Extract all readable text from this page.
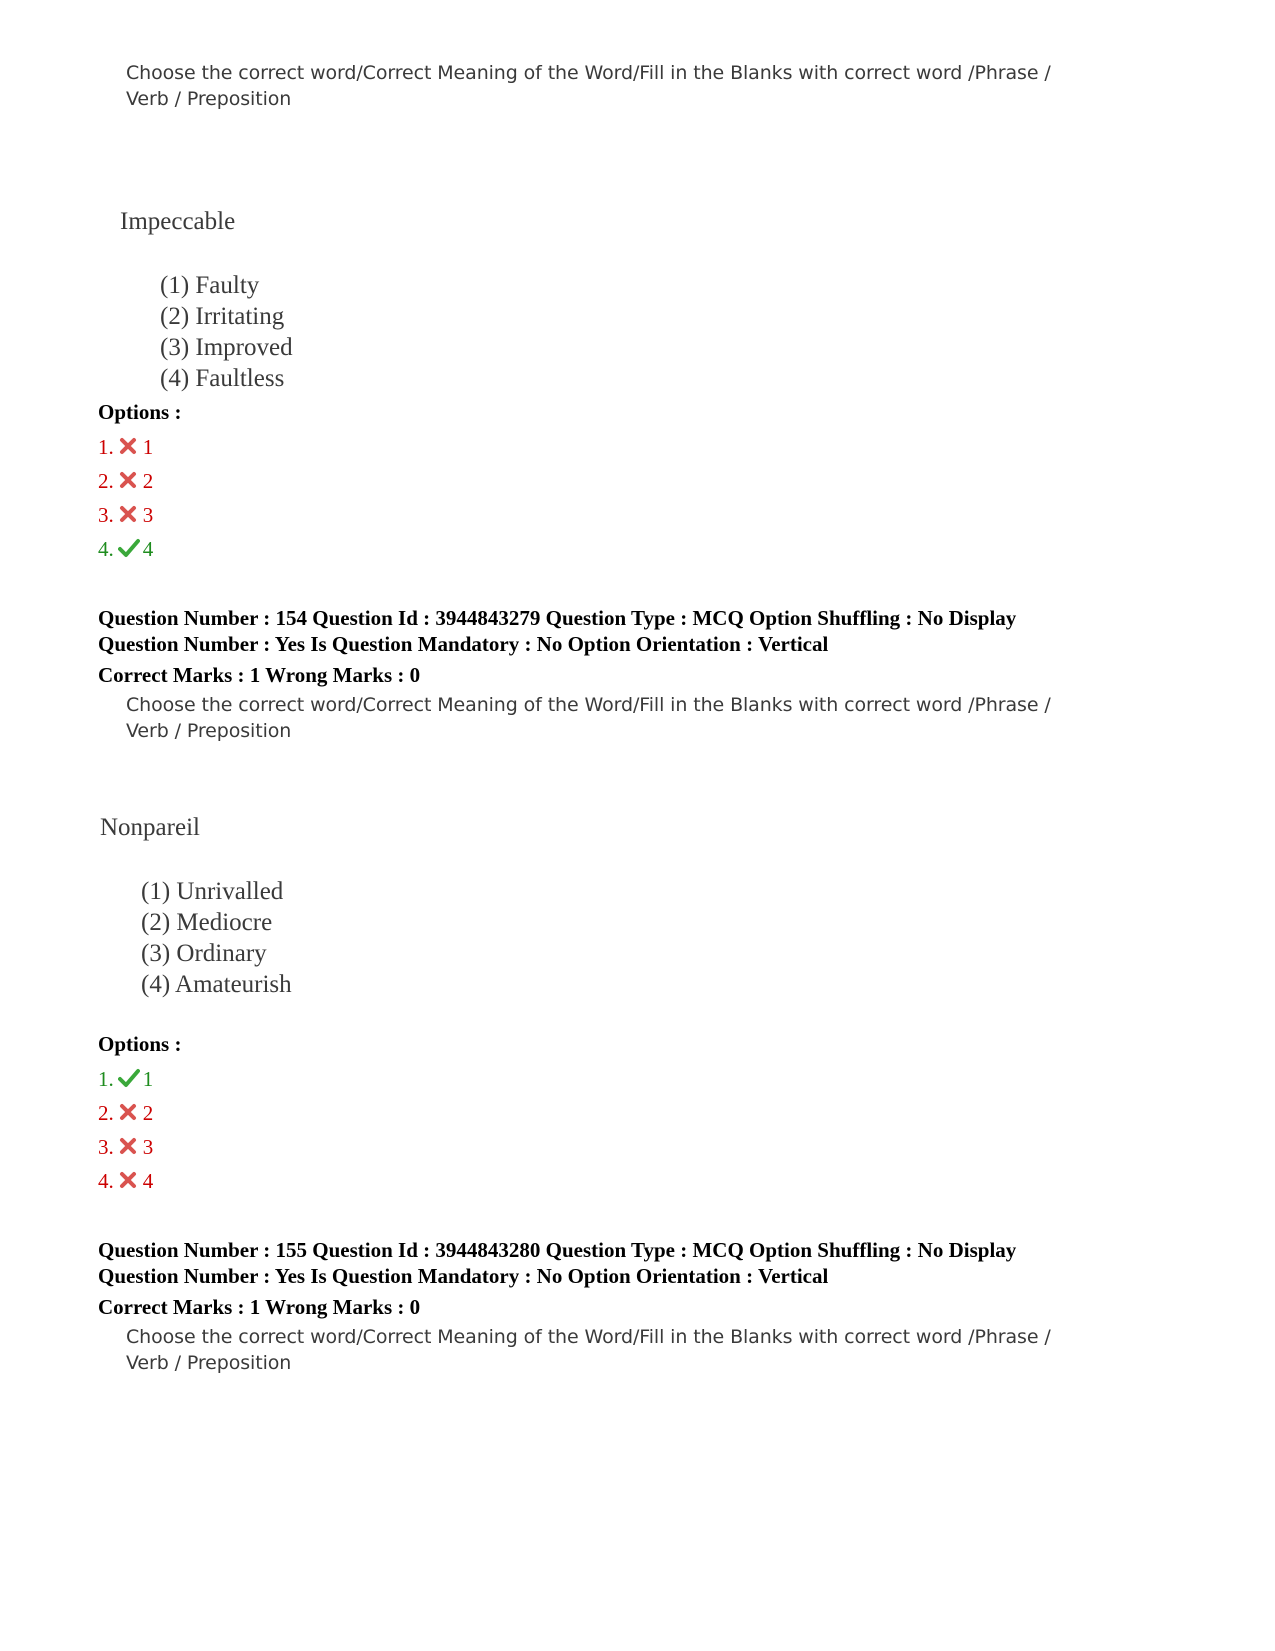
Choose the correct word/Correct Meaning of the Word/Fill in the Blanks with correct word /Phrase / Verb / Preposition
Impeccable
(1) Faulty
(2) Irritating
(3) Improved
(4) Faultless
Options :
1. 1
2. 2
3. 3
4. 4
Question Number : 154 Question Id : 3944843279 Question Type : MCQ Option Shuffling : No Display
Question Number : Yes Is Question Mandatory : No Option Orientation : Vertical
Correct Marks : 1 Wrong Marks : 0
Choose the correct word/Correct Meaning of the Word/Fill in the Blanks with correct word /Phrase / Verb / Preposition
Nonpareil
(1) Unrivalled
(2) Mediocre
(3) Ordinary
(4) Amateurish
Options :
1. 1
2. 2
3. 3
4. 4
Question Number : 155 Question Id : 3944843280 Question Type : MCQ Option Shuffling : No Display
Question Number : Yes Is Question Mandatory : No Option Orientation : Vertical
Correct Marks : 1 Wrong Marks : 0
Choose the correct word/Correct Meaning of the Word/Fill in the Blanks with correct word /Phrase / Verb / Preposition
